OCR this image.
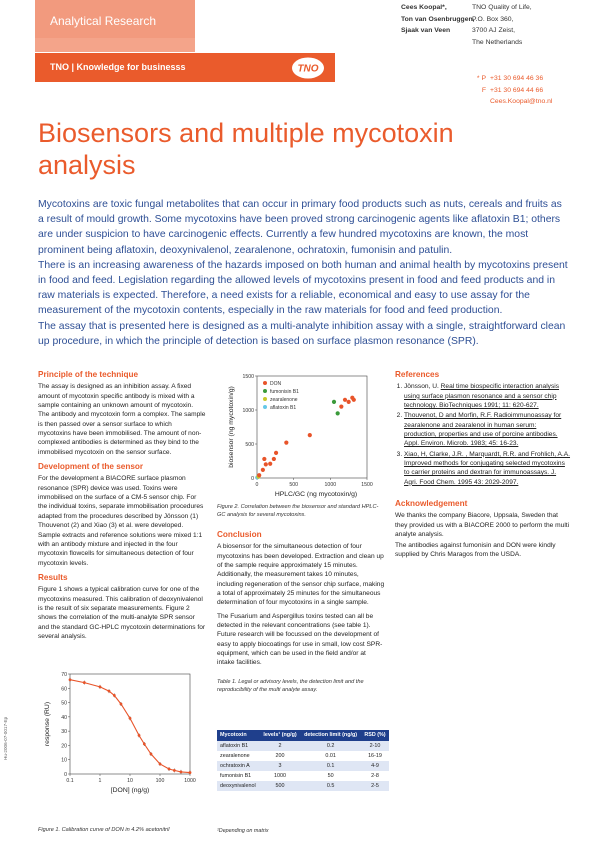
Analytical Research
TNO | Knowledge for businesss	TNO
Cees Koopal*,
Ton van Osenbruggen,
Sjaak van Veen
TNO Quality of Life,
P.O. Box 360,
3700 AJ Zeist,
The Netherlands
* P +31 30 694 46 36
F +31 30 694 44 66
Cees.Koopal@tno.nl
Biosensors and multiple mycotoxin analysis

Mycotoxins are toxic fungal metabolites that can occur in primary food products such as nuts, cereals and fruits as a result of mould growth. Some mycotoxins have been proved strong carcinogenic agents like aflatoxin B1; others are under suspicion to have carcinogenic effects. Currently a few hundred mycotoxins are known, the most prominent being aflatoxin, deoxynivalenol, zearalenone, ochratoxin, fumonisin and patulin.

There is an increasing awareness of the hazards imposed on both human and animal health by mycotoxins present in food and feed. Legislation regarding the allowed levels of mycotoxins present in food and feed products and in raw materials is expected. Therefore, a need exists for a reliable, economical and easy to use assay for the measurement of the mycotoxin contents, especially in the raw materials for food and feed production.

The assay that is presented here is designed as a multi-analyte inhibition assay with a single, straightforward clean up procedure, in which the principle of detection is based on surface plasmon resonance (SPR).

Principle of the technique

The assay is designed as an inhibition assay. A fixed amount of mycotoxin specific antibody is mixed with a sample containing an unknown amount of mycotoxin. The antibody and mycotoxin form a complex. The sample is then passed over a sensor surface to which mycotoxins have been immobilised. The amount of non-complexed antibodies is determined as they bind to the immobilised mycotoxin on the sensor surface.

Development of the sensor

For the development a BIACORE surface plasmon resonance (SPR) device was used. Toxins were immobilised on the surface of a CM-5 sensor chip. For the individual toxins, separate immobilisation procedures adapted from the procedures described by Jönsson (1) Thouvenot (2) and Xiao (3) et al. were developed. Sample extracts and reference solutions were mixed 1:1 with an antibody mixture and injected in the four mycotoxin flowcells for simultaneous detection of four mycotoxin levels.

Results

Figure 1 shows a typical calibration curve for one of the mycotoxins measured. This calibration of deoxynivalenol is the result of six separate measurements. Figure 2 shows the correlation of the multi-analyte SPR sensor and the standard GC-HPLC mycotoxin determinations for several analysis.

0.1	1	10	100	1000
0
10
20
30
40
50
60
70
[DON] (ng/g)
response (RU)
Figure 1. Calibration curve of DON in 4.2% acetonitril
0	500	1000	1500
0
500
1000
1500
HPLC/GC (ng mycotoxin/g)
biosensor (ng mycotoxin/g)
DON
fumonisin B1
zearalenone
aflatoxin B1
Figure 2. Correlation between the biosensor and standard HPLC-GC analysis for several mycotoxins.
Conclusion

A biosensor for the simultaneous detection of four mycotoxins has been developed. Extraction and clean up of the sample require approximately 15 minutes. Additionally, the measurement takes 10 minutes, including regeneration of the sensor chip surface, making a total of approximately 25 minutes for the simultaneous determination of four mycotoxins in a single sample.

The Fusarium and Aspergillus toxins tested can all be detected in the relevant concentrations (see table 1). Future research will be focussed on the development of easy to apply biocoatings for use in small, low cost SPR-equipment, which can be used in the field and/or at intake facilities.

Table 1. Legal or advisory levels, the detection limit and the reproducibility of the multi analyte assay.

Mycotoxin	levels¹ (ng/g)	detection limit (ng/g)	RSD (%)
aflatoxin B1	2	0.2	2-10
zearalenone	200	0.01	16-19
ochratoxin A	3	0.1	4-9
fumonisin B1	1000	50	2-8
deoxynivalenol	500	0.5	2-5
¹Depending on matrix
References
1. Jönsson, U. Real time biospecific interaction analysis using surface plasmon resonance and a sensor chip technology. BioTechniques 1991; 11: 620-627.
2. Thouvenot, D and Morfin, R.F. Radioimmunoassay for zearalenone and zearalenol in human serum: production, properties and use of porcine antibodies. Appl. Environ. Microb. 1983; 45: 16-23.
3. Xiao, H, Clarke, J.R. , Marquardt, R.R. and Frohlich, A.A. Improved methods for conjugating selected mycotoxins to carrier proteins and dextran for immunoassays. J. Agri. Food Chem. 1995 43: 2029-2097.
Acknowledgement

We thanks the company Biacore, Uppsala, Sweden that they provided us with a BIACORE 2000 to perform the multi analyte analysis.

The antibodies against fumonisin and DON were kindly supplied by Chris Maragos from the USDA.

Hu-2006-07-0017-Ep
